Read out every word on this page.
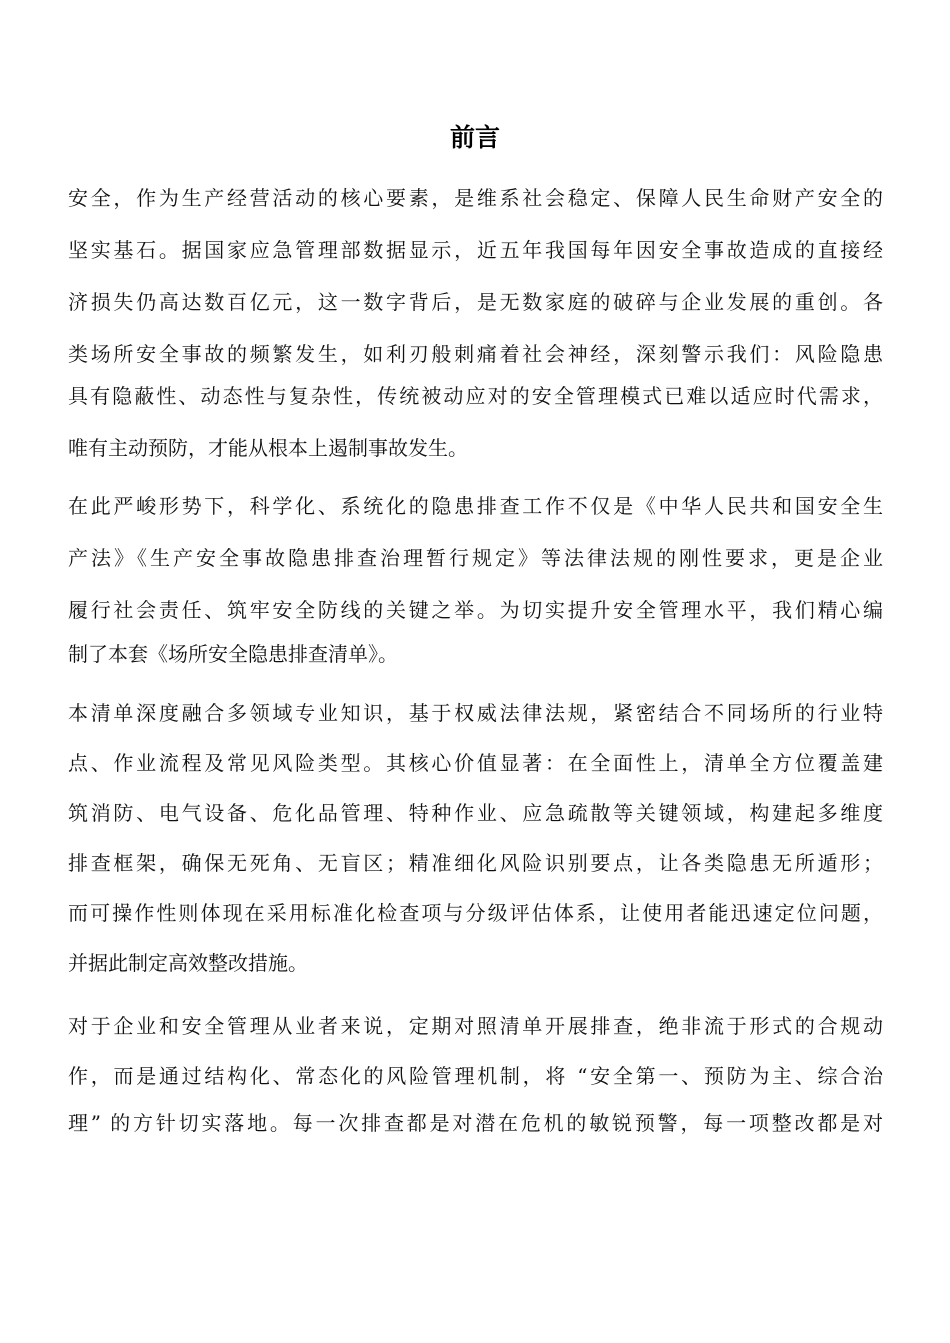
前言
安全，作为生产经营活动的核心要素，是维系社会稳定、保障人民生命财产安全的
坚实基石。据国家应急管理部数据显示，近五年我国每年因安全事故造成的直接经
济损失仍高达数百亿元，这一数字背后，是无数家庭的破碎与企业发展的重创。各
类场所安全事故的频繁发生，如利刃般刺痛着社会神经，深刻警示我们：风险隐患
具有隐蔽性、动态性与复杂性，传统被动应对的安全管理模式已难以适应时代需求，
唯有主动预防，才能从根本上遏制事故发生。
在此严峻形势下，科学化、系统化的隐患排查工作不仅是《中华人民共和国安全生
产法》《生产安全事故隐患排查治理暂行规定》等法律法规的刚性要求，更是企业
履行社会责任、筑牢安全防线的关键之举。为切实提升安全管理水平，我们精心编
制了本套《场所安全隐患排查清单》。
本清单深度融合多领域专业知识，基于权威法律法规，紧密结合不同场所的行业特
点、作业流程及常见风险类型。其核心价值显著：在全面性上，清单全方位覆盖建
筑消防、电气设备、危化品管理、特种作业、应急疏散等关键领域，构建起多维度
排查框架，确保无死角、无盲区；精准细化风险识别要点，让各类隐患无所遁形；
而可操作性则体现在采用标准化检查项与分级评估体系，让使用者能迅速定位问题，
并据此制定高效整改措施。
对于企业和安全管理从业者来说，定期对照清单开展排查，绝非流于形式的合规动
作，而是通过结构化、常态化的风险管理机制，将 “安全第一、预防为主、综合治
理” 的方针切实落地。每一次排查都是对潜在危机的敏锐预警，每一项整改都是对
